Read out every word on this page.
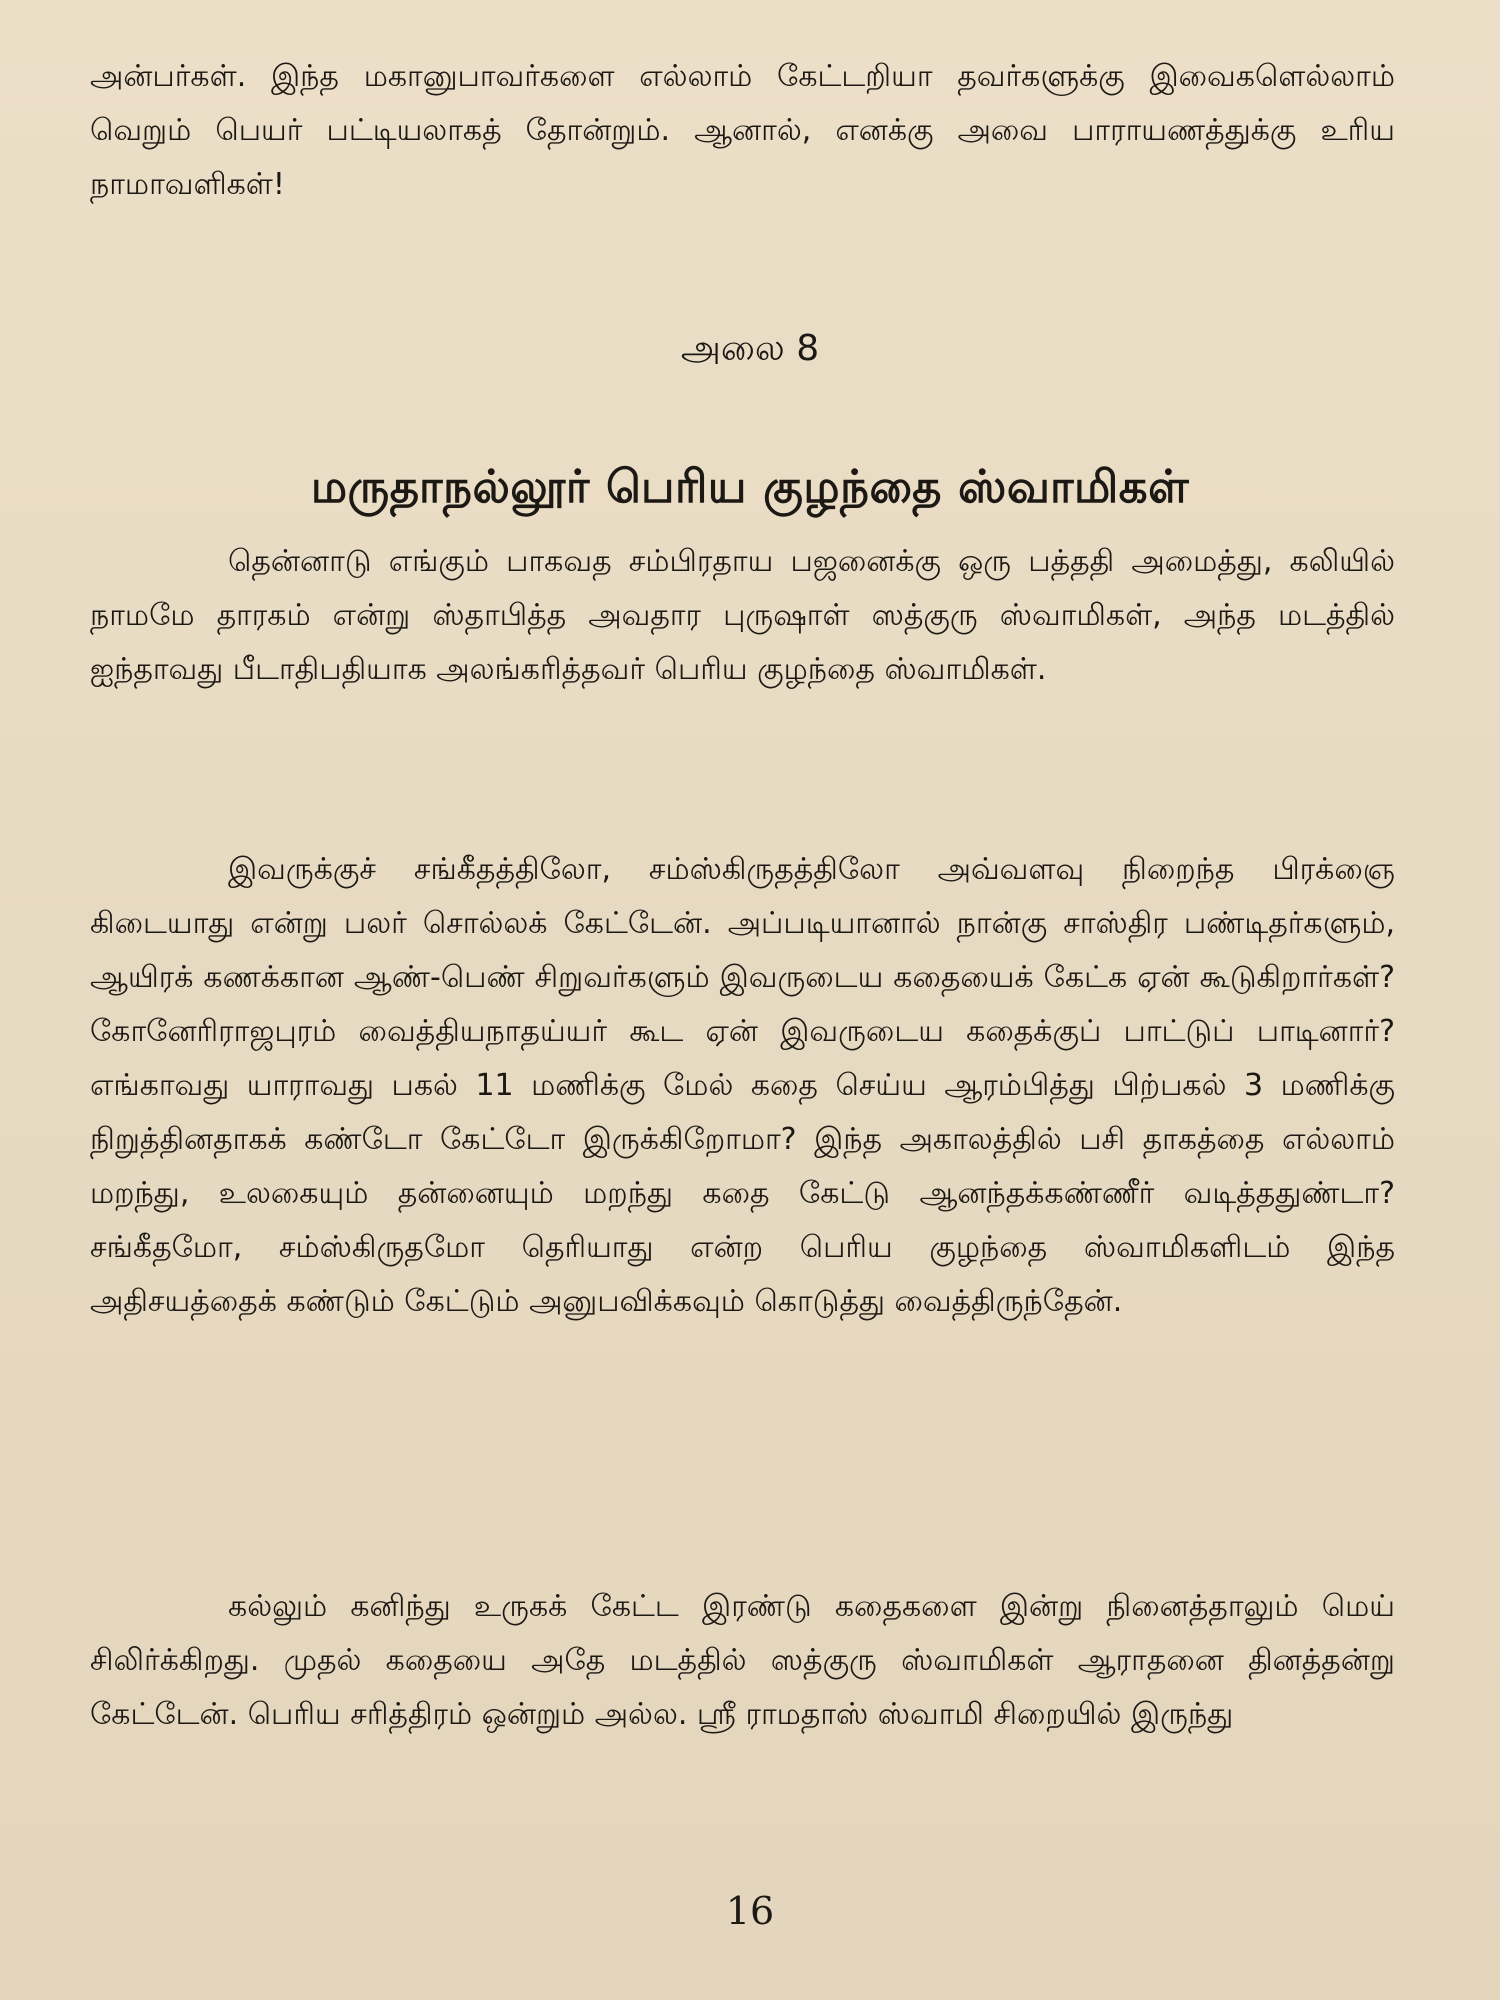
அன்பர்கள். இந்த மகானுபாவர்களை எல்லாம் கேட்டறியா தவர்களுக்கு இவைகளெல்லாம் வெறும் பெயர் பட்டியலாகத் தோன்றும். ஆனால், எனக்கு அவை பாராயணத்துக்கு உரிய நாமாவளிகள்!

அலை 8
மருதாநல்லூர் பெரிய குழந்தை ஸ்வாமிகள்

தென்னாடு எங்கும் பாகவத சம்பிரதாய பஜனைக்கு ஒரு பத்ததி அமைத்து, கலியில் நாமமே தாரகம் என்று ஸ்தாபித்த அவதார புருஷாள் ஸத்குரு ஸ்வாமிகள், அந்த மடத்தில் ஐந்தாவது பீடாதிபதியாக அலங்கரித்தவர் பெரிய குழந்தை ஸ்வாமிகள்.

இவருக்குச் சங்கீதத்திலோ, சம்ஸ்கிருதத்திலோ அவ்வளவு நிறைந்த பிரக்ஞை கிடையாது என்று பலர் சொல்லக் கேட்டேன். அப்படியானால் நான்கு சாஸ்திர பண்டிதர்களும், ஆயிரக் கணக்கான ஆண்-பெண் சிறுவர்களும் இவருடைய கதையைக் கேட்க ஏன் கூடுகிறார்கள்? கோனேரிராஜபுரம் வைத்தியநாதய்யர் கூட ஏன் இவருடைய கதைக்குப் பாட்டுப் பாடினார்? எங்காவது யாராவது பகல் 11 மணிக்கு மேல் கதை செய்ய ஆரம்பித்து பிற்பகல் 3 மணிக்கு நிறுத்தினதாகக் கண்டோ கேட்டோ இருக்கிறோமா? இந்த அகாலத்தில் பசி தாகத்தை எல்லாம் மறந்து, உலகையும் தன்னையும் மறந்து கதை கேட்டு ஆனந்தக்கண்ணீர் வடித்ததுண்டா? சங்கீதமோ, சம்ஸ்கிருதமோ தெரியாது என்ற பெரிய குழந்தை ஸ்வாமிகளிடம் இந்த அதிசயத்தைக் கண்டும் கேட்டும் அனுபவிக்கவும் கொடுத்து வைத்திருந்தேன்.

கல்லும் கனிந்து உருகக் கேட்ட இரண்டு கதைகளை இன்று நினைத்தாலும் மெய் சிலிர்க்கிறது. முதல் கதையை அதே மடத்தில் ஸத்குரு ஸ்வாமிகள் ஆராதனை தினத்தன்று கேட்டேன். பெரிய சரித்திரம் ஒன்றும் அல்ல. ஸ்ரீ ராமதாஸ் ஸ்வாமி சிறையில் இருந்து

16
